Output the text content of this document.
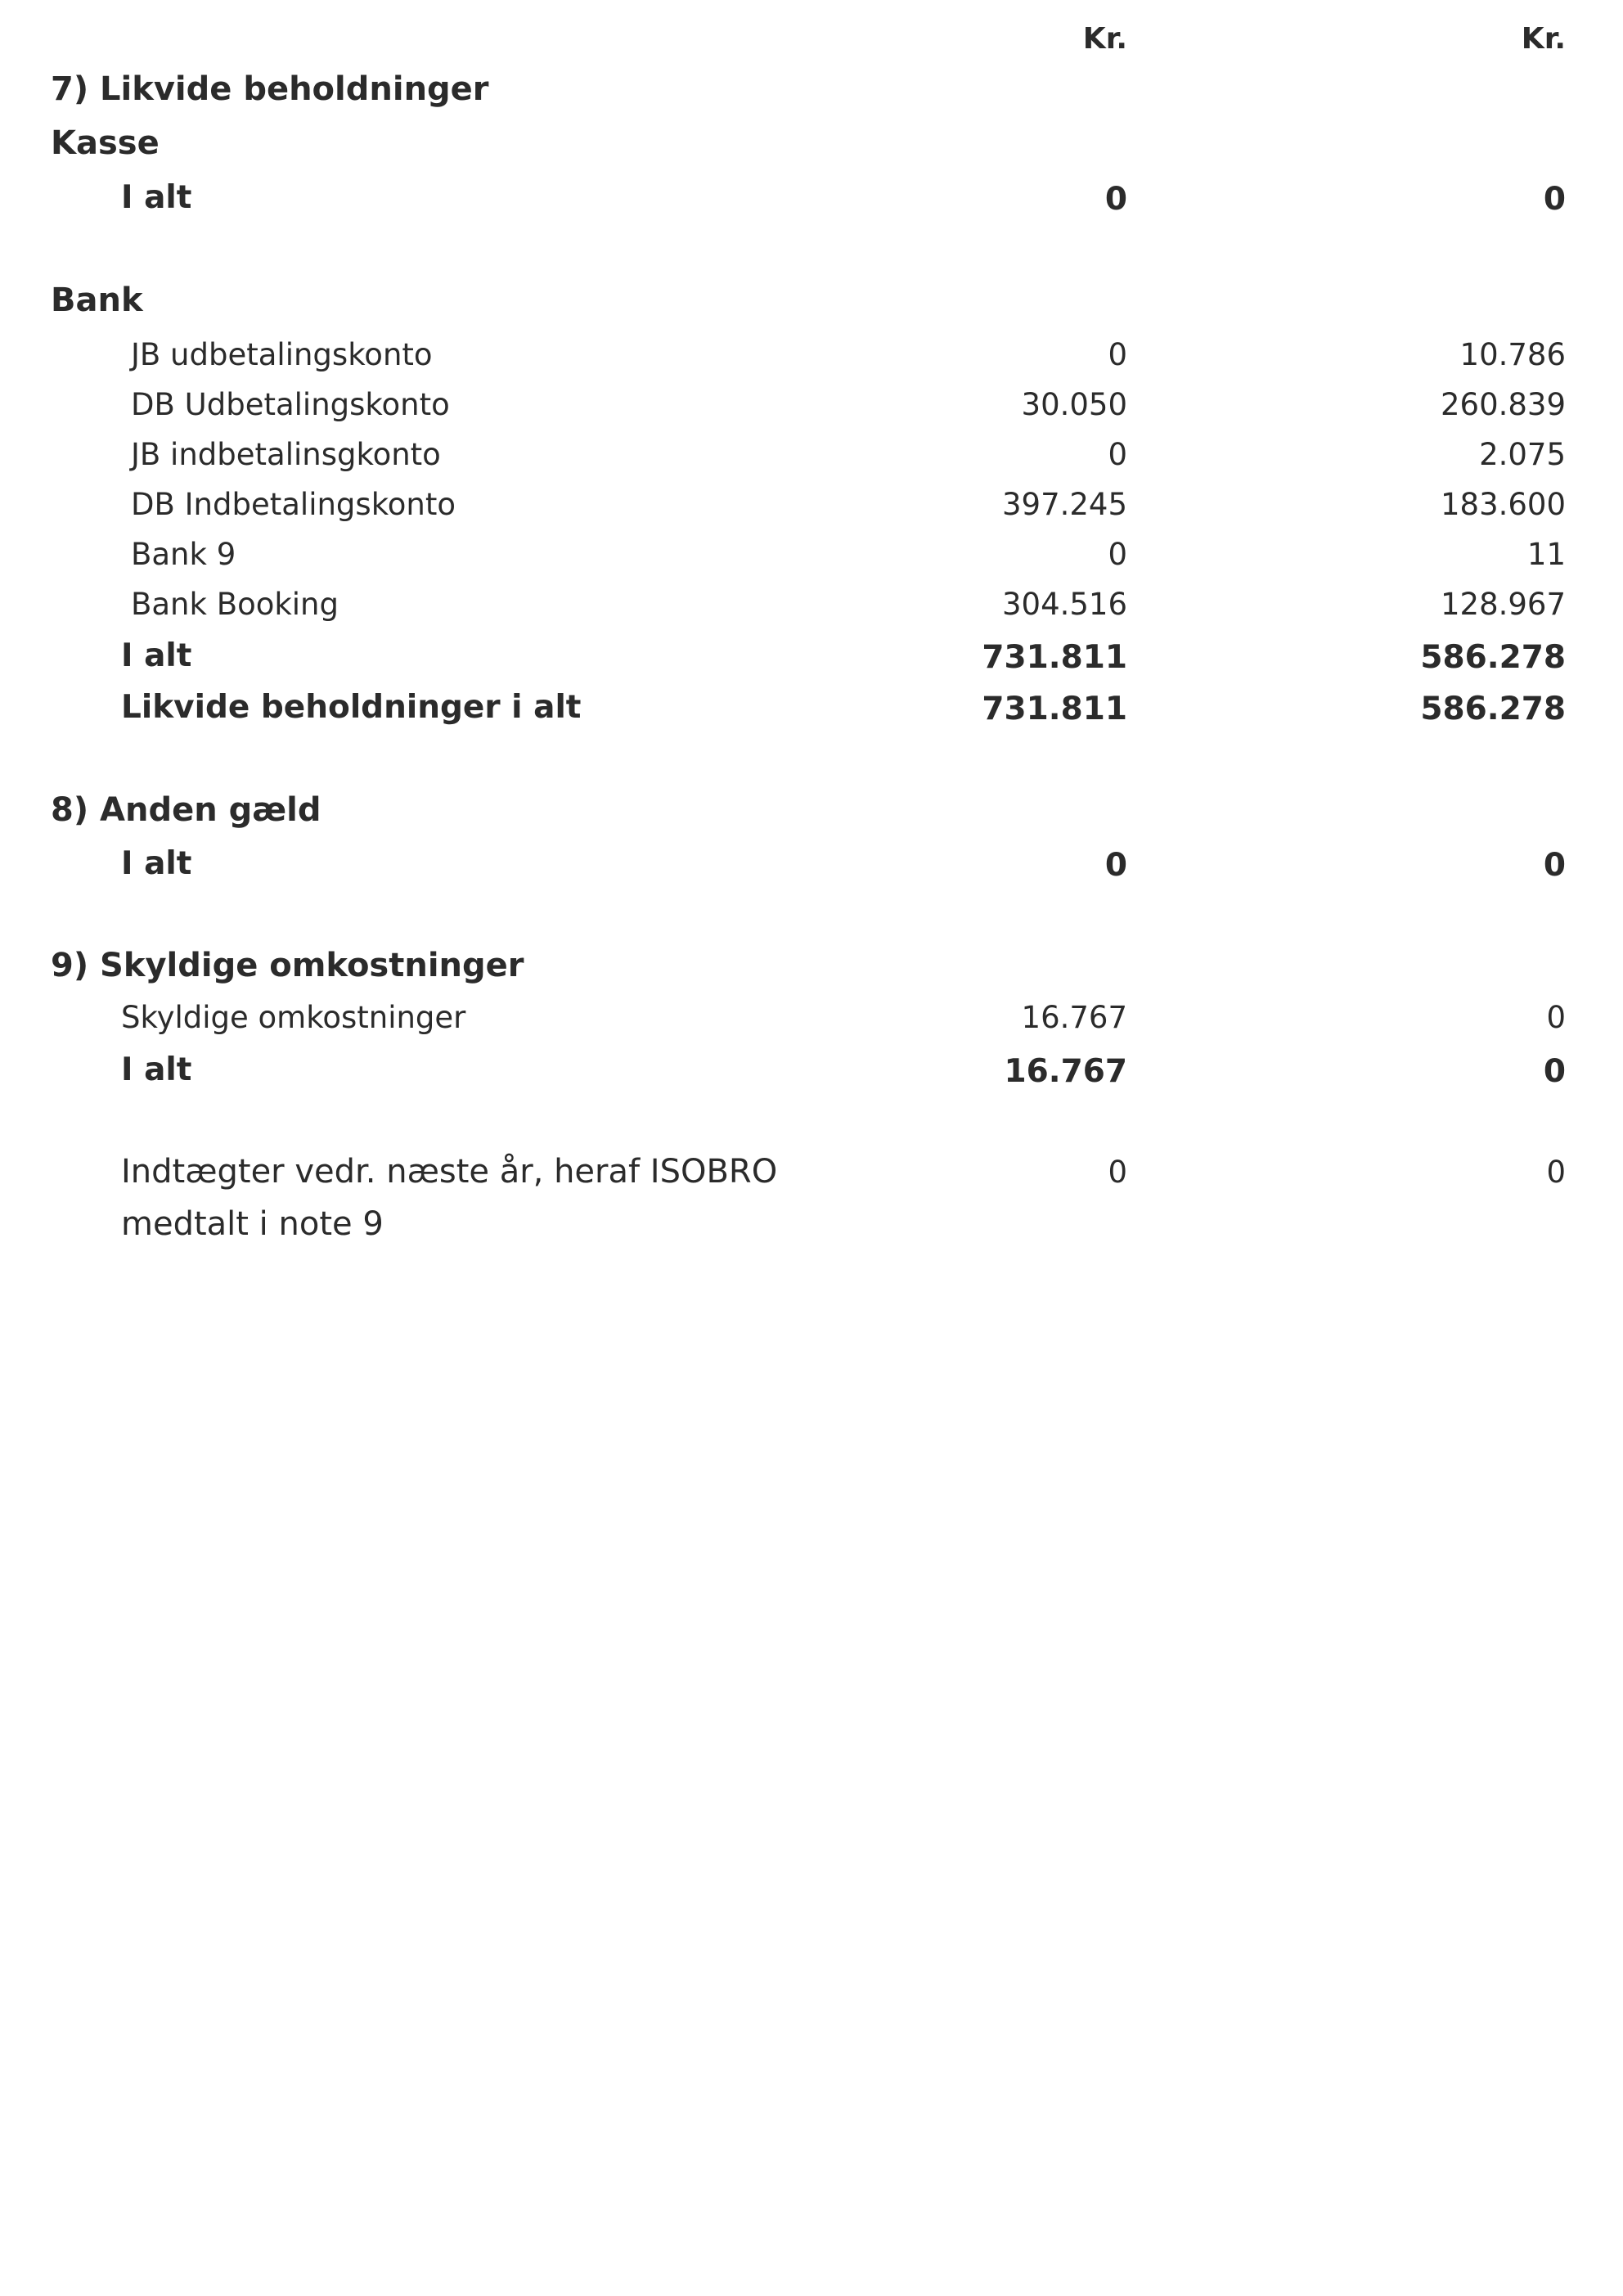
Kr.	Kr.
7) Likvide beholdninger
Kasse
I alt	0	0
Bank
JB udbetalingskonto	0	10.786
DB Udbetalingskonto	30.050	260.839
JB indbetalinsgkonto	0	2.075
DB Indbetalingskonto	397.245	183.600
Bank 9	0	11
Bank Booking	304.516	128.967
I alt	731.811	586.278
Likvide beholdninger i alt	731.811	586.278
8) Anden gæld
I alt	0	0
9) Skyldige omkostninger
Skyldige omkostninger	16.767	0
I alt	16.767	0
Indtægter vedr. næste år, heraf ISOBRO
medtalt i note 9
0	0
